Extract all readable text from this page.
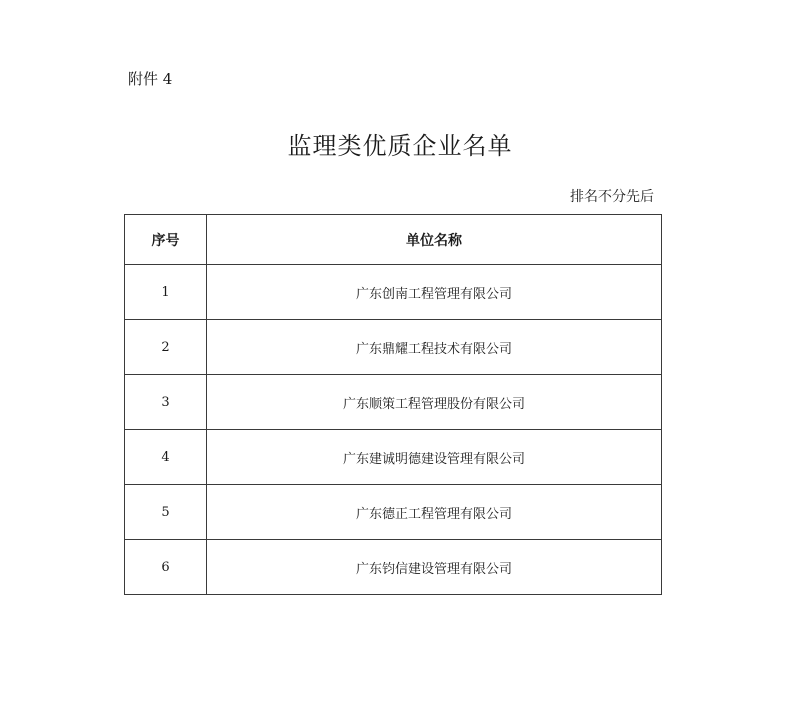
附件 4
监理类优质企业名单
排名不分先后
序号	单位名称
1	广东创南工程管理有限公司
2	广东鼎耀工程技术有限公司
3	广东顺策工程管理股份有限公司
4	广东建诚明德建设管理有限公司
5	广东德正工程管理有限公司
6	广东钧信建设管理有限公司
